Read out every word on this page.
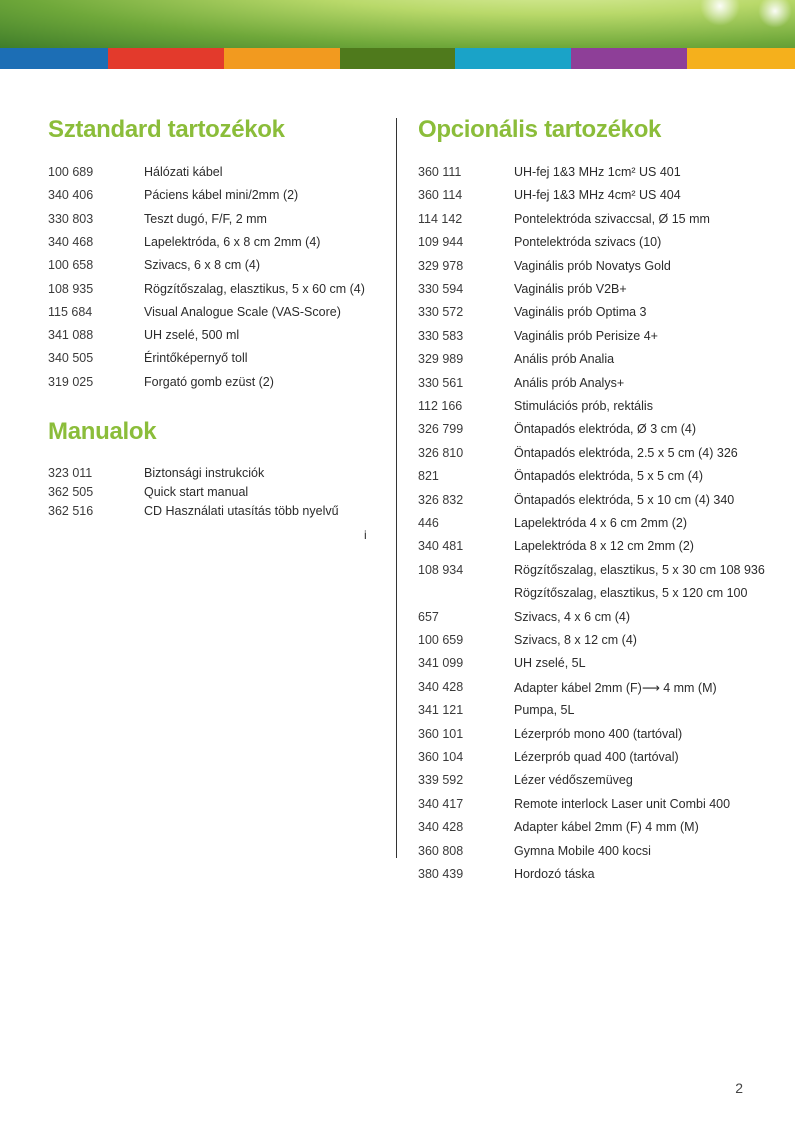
Sztandard tartozékok
100 689	Hálózati kábel
340 406	Páciens kábel mini/2mm (2)
330 803	Teszt dugó, F/F, 2 mm
340 468	Lapelektróda, 6 x 8 cm 2mm (4)
100 658	Szivacs, 6 x 8 cm (4)
108 935	Rögzítőszalag, elasztikus, 5 x 60 cm (4)
115 684	Visual Analogue Scale (VAS-Score)
341 088	UH zselé, 500 ml
340 505	Érintőképernyő toll
319 025	Forgató gomb ezüst (2)
Manualok
323 011	Biztonsági instrukciók
362 505	Quick start manual
362 516	CD Használati utasítás több nyelvű
i
Opcionális tartozékok
360 111	UH-fej 1&3 MHz 1cm² US 401
360 114	UH-fej 1&3 MHz 4cm² US 404
114 142	Pontelektróda szivaccsal, Ø 15 mm
109 944	Pontelektróda szivacs (10)
329 978	Vaginális prób Novatys Gold
330 594	Vaginális prób V2B+
330 572	Vaginális prób Optima 3
330 583	Vaginális prób Perisize 4+
329 989	Anális prób Analia
330 561	Anális prób Analys+
112 166	Stimulációs prób, rektális
326 799	Öntapadós elektróda, Ø 3 cm (4)
326 810	Öntapadós elektróda, 2.5 x 5 cm (4) 326
821	Öntapadós elektróda, 5 x 5 cm (4)
326 832	Öntapadós elektróda, 5 x 10 cm (4) 340
446	Lapelektróda 4 x 6 cm 2mm (2)
340 481	Lapelektróda 8 x 12 cm 2mm (2)
108 934	Rögzítőszalag, elasztikus, 5 x 30 cm 108 936
Rögzítőszalag, elasztikus, 5 x 120 cm 100
657	Szivacs, 4 x 6 cm (4)
100 659	Szivacs, 8 x 12 cm (4)
341 099	UH zselé, 5L
340 428	Adapter kábel 2mm (F)⟶ 4 mm (M)
341 121	Pumpa, 5L
360 101	Lézerprób mono 400 (tartóval)
360 104	Lézerprób quad 400 (tartóval)
339 592	Lézer védőszemüveg
340 417	Remote interlock Laser unit Combi 400
340 428	Adapter kábel 2mm (F) 4 mm (M)
360 808	Gymna Mobile 400 kocsi
380 439	Hordozó táska
2
